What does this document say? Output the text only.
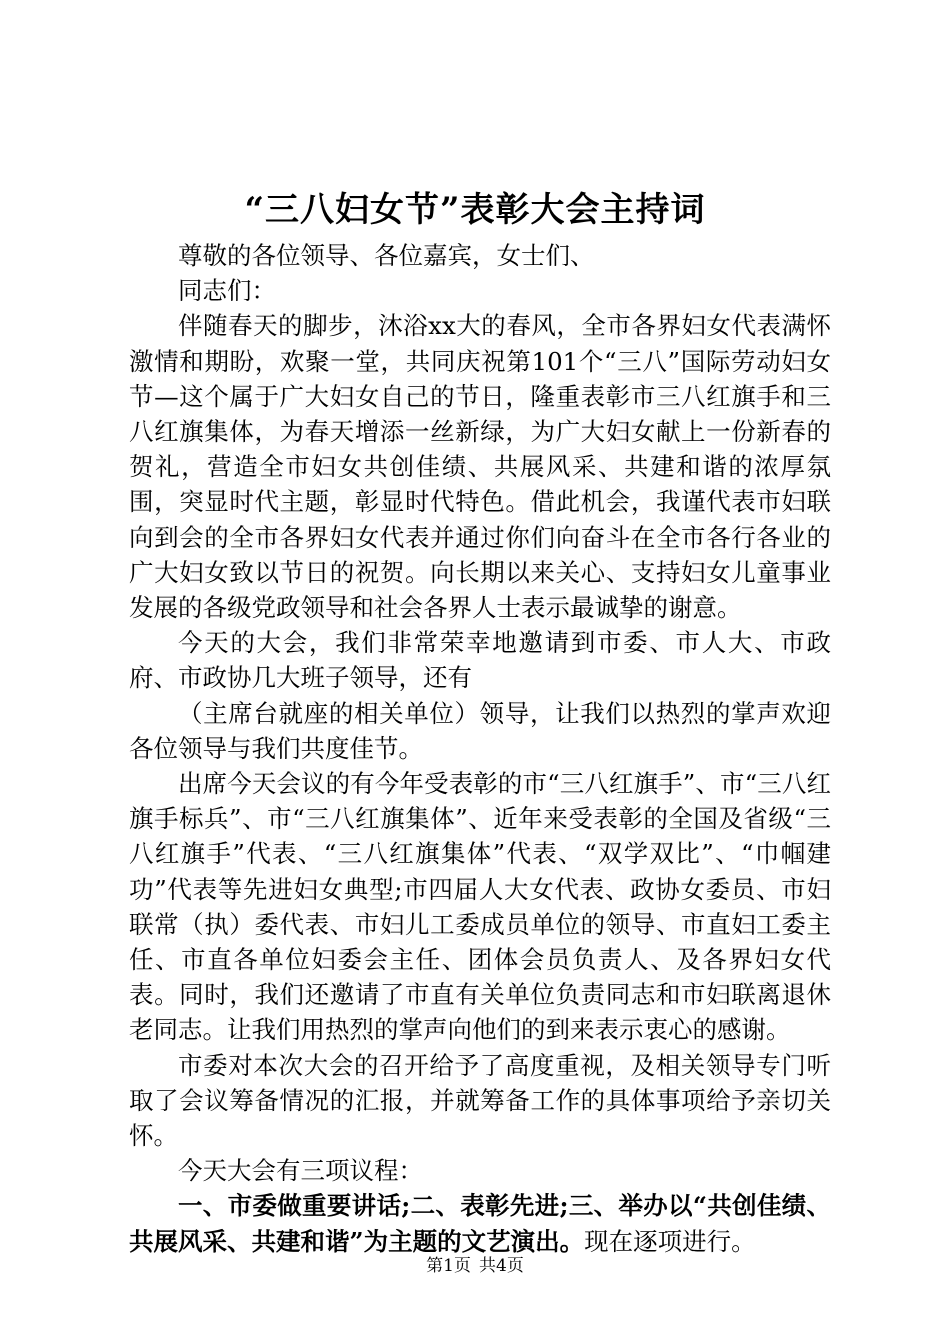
“三八妇女节”表彰大会主持词

尊敬的各位领导、各位嘉宾，女士们、

同志们：

伴随春天的脚步，沐浴xx大的春风，全市各界妇女代表满怀激情和期盼，欢聚一堂，共同庆祝第101个“三八”国际劳动妇女节—这个属于广大妇女自己的节日，隆重表彰市三八红旗手和三八红旗集体，为春天增添一丝新绿，为广大妇女献上一份新春的贺礼，营造全市妇女共创佳绩、共展风采、共建和谐的浓厚氛围，突显时代主题，彰显时代特色。借此机会，我谨代表市妇联向到会的全市各界妇女代表并通过你们向奋斗在全市各行各业的广大妇女致以节日的祝贺。向长期以来关心、支持妇女儿童事业发展的各级党政领导和社会各界人士表示最诚挚的谢意。

今天的大会，我们非常荣幸地邀请到市委、市人大、市政府、市政协几大班子领导，还有

（主席台就座的相关单位）领导，让我们以热烈的掌声欢迎各位领导与我们共度佳节。

出席今天会议的有今年受表彰的市“三八红旗手”、市“三八红旗手标兵”、市“三八红旗集体”、近年来受表彰的全国及省级“三八红旗手”代表、“三八红旗集体”代表、“双学双比”、“巾帼建功”代表等先进妇女典型;市四届人大女代表、政协女委员、市妇联常（执）委代表、市妇儿工委成员单位的领导、市直妇工委主任、市直各单位妇委会主任、团体会员负责人、及各界妇女代表。同时，我们还邀请了市直有关单位负责同志和市妇联离退休老同志。让我们用热烈的掌声向他们的到来表示衷心的感谢。

市委对本次大会的召开给予了高度重视，及相关领导专门听取了会议筹备情况的汇报，并就筹备工作的具体事项给予亲切关怀。

今天大会有三项议程：

一、市委做重要讲话;二、表彰先进;三、举办以“共创佳绩、共展风采、共建和谐”为主题的文艺演出。现在逐项进行。

第1页 共4页
